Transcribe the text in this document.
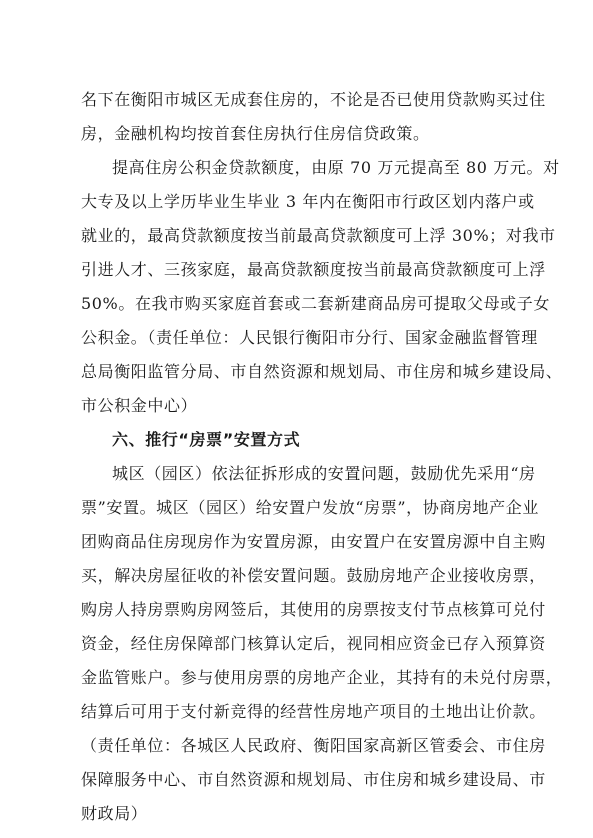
名下在衡阳市城区无成套住房的，不论是否已使用贷款购买过住
房，金融机构均按首套住房执行住房信贷政策。
提高住房公积金贷款额度，由原 70 万元提高至 80 万元。对
大专及以上学历毕业生毕业 3 年内在衡阳市行政区划内落户或
就业的，最高贷款额度按当前最高贷款额度可上浮 30%；对我市
引进人才、三孩家庭，最高贷款额度按当前最高贷款额度可上浮
50%。在我市购买家庭首套或二套新建商品房可提取父母或子女
公积金。（责任单位：人民银行衡阳市分行、国家金融监督管理
总局衡阳监管分局、市自然资源和规划局、市住房和城乡建设局、
市公积金中心）
六、推行“房票”安置方式
城区（园区）依法征拆形成的安置问题，鼓励优先采用“房
票”安置。城区（园区）给安置户发放“房票”，协商房地产企业
团购商品住房现房作为安置房源，由安置户在安置房源中自主购
买，解决房屋征收的补偿安置问题。鼓励房地产企业接收房票，
购房人持房票购房网签后，其使用的房票按支付节点核算可兑付
资金，经住房保障部门核算认定后，视同相应资金已存入预算资
金监管账户。参与使用房票的房地产企业，其持有的未兑付房票，
结算后可用于支付新竞得的经营性房地产项目的土地出让价款。
（责任单位：各城区人民政府、衡阳国家高新区管委会、市住房
保障服务中心、市自然资源和规划局、市住房和城乡建设局、市
财政局）
